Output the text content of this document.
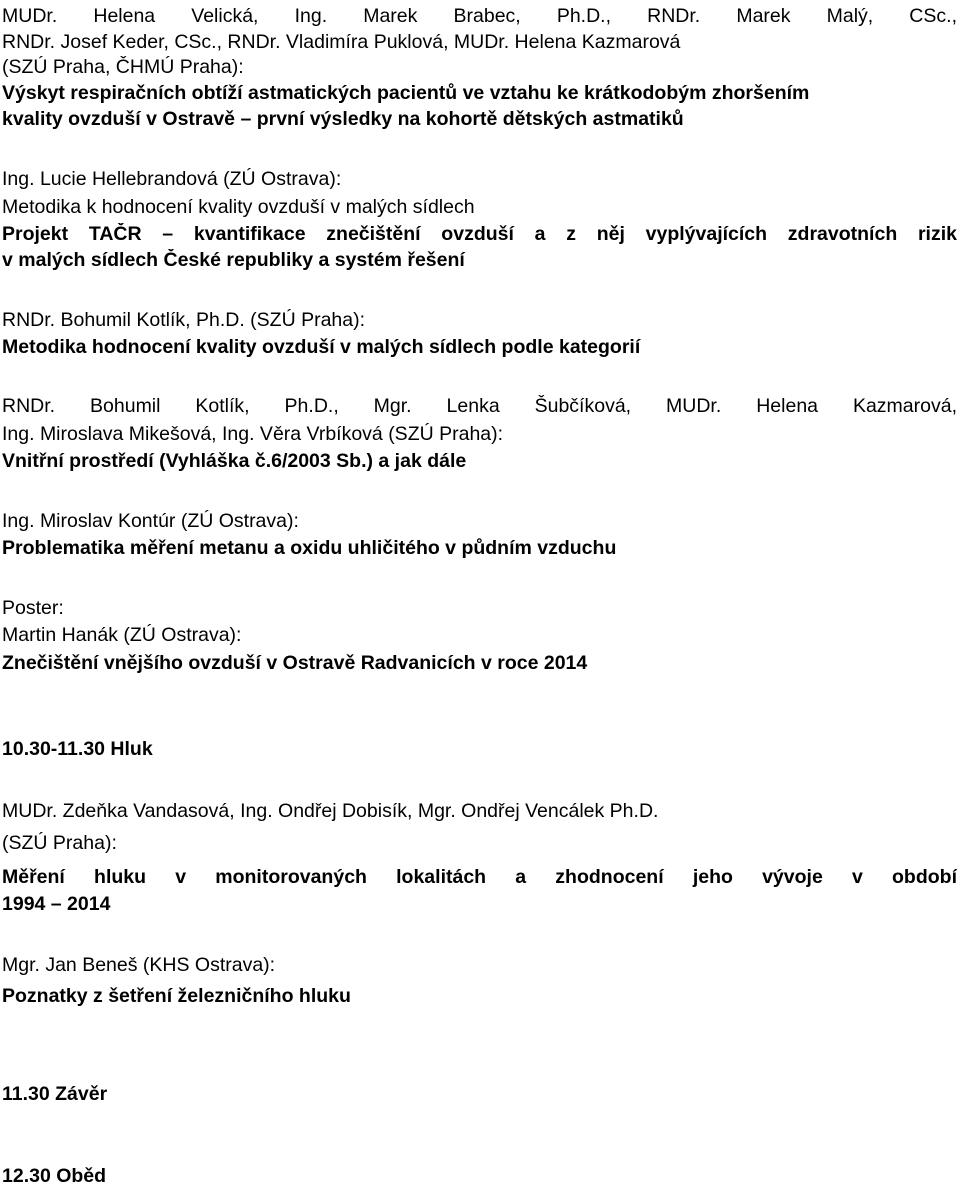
MUDr. Helena Velická, Ing. Marek Brabec, Ph.D., RNDr. Marek Malý, CSc.,
RNDr. Josef Keder, CSc., RNDr. Vladimíra Puklová, MUDr. Helena Kazmarová
(SZÚ Praha, ČHMÚ Praha):
Výskyt respiračních obtíží astmatických pacientů ve vztahu ke krátkodobým zhoršením
kvality ovzduší v Ostravě – první výsledky na kohortě dětských astmatiků
Ing. Lucie Hellebrandová (ZÚ Ostrava):
Metodika k hodnocení kvality ovzduší v malých sídlech
Projekt TAČR – kvantifikace znečištění ovzduší a z něj vyplývajících zdravotních rizik
v malých sídlech České republiky a systém řešení
RNDr. Bohumil Kotlík, Ph.D. (SZÚ Praha):
Metodika hodnocení kvality ovzduší v malých sídlech podle kategorií
RNDr. Bohumil Kotlík, Ph.D., Mgr. Lenka Šubčíková, MUDr. Helena Kazmarová,
Ing. Miroslava Mikešová, Ing. Věra Vrbíková (SZÚ Praha):
Vnitřní prostředí (Vyhláška č.6/2003 Sb.) a jak dále
Ing. Miroslav Kontúr (ZÚ Ostrava):
Problematika měření metanu a oxidu uhličitého v půdním vzduchu
Poster:
Martin Hanák (ZÚ Ostrava):
Znečištění vnějšího ovzduší v Ostravě Radvanicích v roce 2014
10.30-11.30 Hluk
MUDr. Zdeňka Vandasová, Ing. Ondřej Dobisík, Mgr. Ondřej Vencálek Ph.D.
(SZÚ Praha):
Měření hluku v monitorovaných lokalitách a zhodnocení jeho vývoje v období
1994 – 2014
Mgr. Jan Beneš (KHS Ostrava):
Poznatky z šetření železničního hluku
11.30 Závěr
12.30 Oběd
